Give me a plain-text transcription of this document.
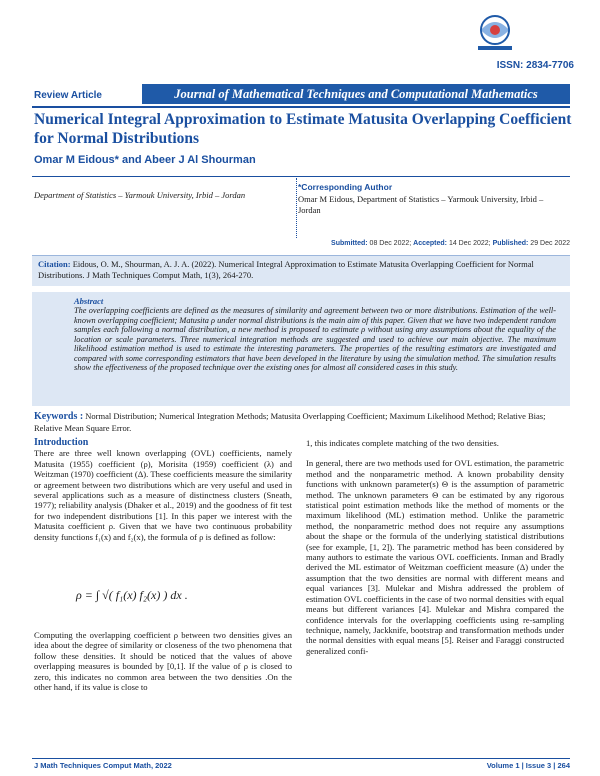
ISSN: 2834-7706
Review Article	Journal of Mathematical Techniques and Computational Mathematics
Numerical Integral Approximation to Estimate Matusita Overlapping Coefficient for Normal Distributions
Omar M Eidous* and Abeer J Al Shourman
Department of Statistics – Yarmouk University, Irbid – Jordan
*Corresponding Author
Omar M Eidous, Department of Statistics – Yarmouk University, Irbid – Jordan
Submitted: 08 Dec 2022; Accepted: 14 Dec 2022; Published: 29 Dec 2022
Citation: Eidous, O. M., Shourman, A. J. A. (2022). Numerical Integral Approximation to Estimate Matusita Overlapping Coefficient for Normal Distributions. J Math Techniques Comput Math, 1(3), 264-270.
Abstract
The overlapping coefficients are defined as the measures of similarity and agreement between two or more distributions. Estimation of the well-known overlapping coefficient; Matusita ρ under normal distributions is the main aim of this paper. Given that we have two independent random samples each following a normal distribution, a new method is proposed to estimate ρ without using any assumptions about the equality of the location or scale parameters. Three numerical integration methods are suggested and used to achieve our main objective. The maximum likelihood estimation method is used to estimate the interesting parameters. The properties of the resulting estimators are investigated and compared with some corresponding estimators that have been developed in the literature by using the simulation method. The simulation results show the effectiveness of the proposed technique over the existing ones for almost all considered cases in this study.
Keywords : Normal Distribution; Numerical Integration Methods; Matusita Overlapping Coefficient; Maximum Likelihood Method; Relative Bias; Relative Mean Square Error.
Introduction

There are three well known overlapping (OVL) coefficients, namely Matusita (1955) coefficient (ρ), Morisita (1959) coefficient (λ) and Weitzman (1970) coefficient (Δ). These coefficients measure the similarity or agreement between two distributions which are very useful and used in several applications such as a measure of distinctness clusters (Sneath, 1977); reliability analysis (Dhaker et al., 2019) and the goodness of fit test for two independent distributions [1]. In this paper we interest with the Matusita coefficient ρ. Given that we have two continuous probability density functions f₁(x) and f₂(x), the formula of ρ is defined as follow:

ρ = ∫ √( f₁(x) f₂(x) ) dx .

Computing the overlapping coefficient ρ between two densities gives an idea about the degree of similarity or closeness of the two phenomena that follow these densities. It should be noticed that the values of above overlapping measures is bounded by [0,1]. If the value of ρ is closed to zero, this indicates no common area between the two densities .On the other hand, if its value is close to

1, this indicates complete matching of the two densities.

In general, there are two methods used for OVL estimation, the parametric method and the nonparametric method. A known probability density functions with unknown parameter(s) Θ is the assumption of parametric method. The unknown parameters Θ can be estimated by any rigorous statistical point estimation methods like the method of moments or the maximum likelihood (ML) estimation method. Unlike the parametric method, the nonparametric method does not require any assumptions about the shape or the formula of the underlying statistical distributions (see for example, [1, 2]). The parametric method has been considered by many authors to estimate the various OVL coefficients. Inman and Bradly derived the ML estimator of Weitzman coefficient measure (Δ) under the assumption that the two densities are normal with different means and equal variances [3]. Mulekar and Mishra addressed the problem of estimation OVL coefficients in the case of two normal densities with equal means but different variances [4]. Mulekar and Mishra compared the confidence intervals for the overlapping coefficients using re-sampling technique, namely, Jackknife, bootstrap and transformation methods under the normal densities with equal means [5]. Reiser and Faraggi constructed generalized confi-

J Math Techniques Comput Math, 2022	Volume 1 | Issue 3 | 264
